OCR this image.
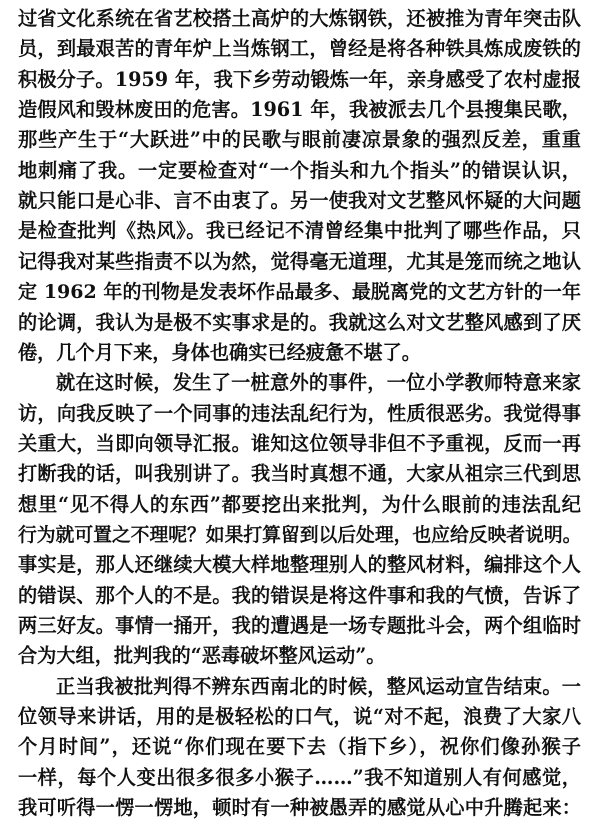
过省文化系统在省艺校搭土高炉的大炼钢铁，还被推为青年突击队
员，到最艰苦的青年炉上当炼钢工，曾经是将各种铁具炼成废铁的
积极分子。1959 年，我下乡劳动锻炼一年，亲身感受了农村虚报
造假风和毁林废田的危害。1961 年，我被派去几个县搜集民歌，
那些产生于“大跃进”中的民歌与眼前凄凉景象的强烈反差，重重
地刺痛了我。一定要检查对“一个指头和九个指头”的错误认识，
就只能口是心非、言不由衷了。另一使我对文艺整风怀疑的大问题
是检查批判《热风》。我已经记不清曾经集中批判了哪些作品，只
记得我对某些指责不以为然，觉得毫无道理，尤其是笼而统之地认
定 1962 年的刊物是发表坏作品最多、最脱离党的文艺方针的一年
的论调，我认为是极不实事求是的。我就这么对文艺整风感到了厌
倦，几个月下来，身体也确实已经疲惫不堪了。
就在这时候，发生了一桩意外的事件，一位小学教师特意来家
访，向我反映了一个同事的违法乱纪行为，性质很恶劣。我觉得事
关重大，当即向领导汇报。谁知这位领导非但不予重视，反而一再
打断我的话，叫我别讲了。我当时真想不通，大家从祖宗三代到思
想里“见不得人的东西”都要挖出来批判，为什么眼前的违法乱纪
行为就可置之不理呢？如果打算留到以后处理，也应给反映者说明。
事实是，那人还继续大模大样地整理别人的整风材料，编排这个人
的错误、那个人的不是。我的错误是将这件事和我的气愤，告诉了
两三好友。事情一捅开，我的遭遇是一场专题批斗会，两个组临时
合为大组，批判我的“恶毒破坏整风运动”。
正当我被批判得不辨东西南北的时候，整风运动宣告结束。一
位领导来讲话，用的是极轻松的口气，说“对不起，浪费了大家八
个月时间”，还说“你们现在要下去（指下乡），祝你们像孙猴子
一样，每个人变出很多很多小猴子……”我不知道别人有何感觉，
我可听得一愣一愣地，顿时有一种被愚弄的感觉从心中升腾起来：
